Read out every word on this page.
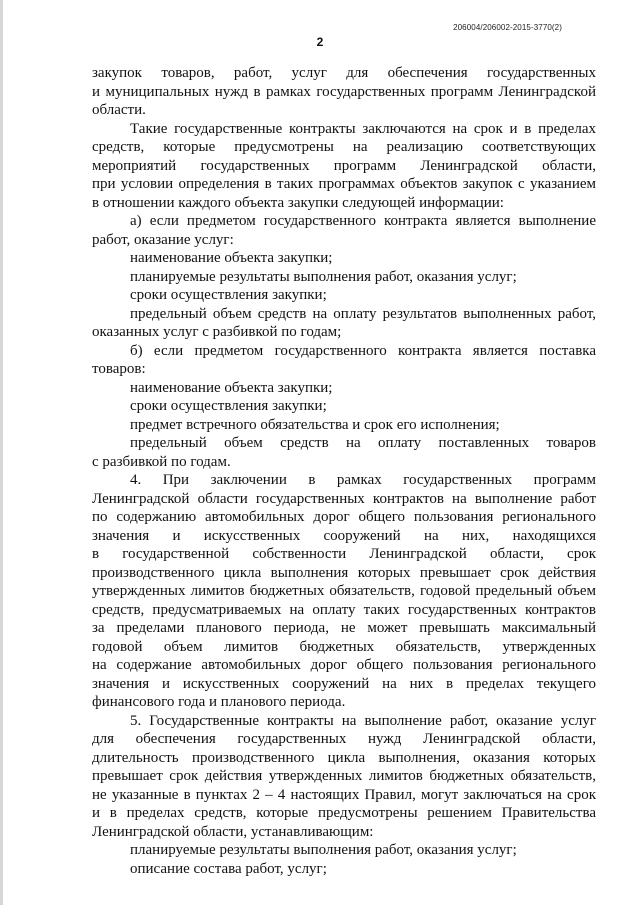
206004/206002-2015-3770(2)
2
закупок товаров, работ, услуг для обеспечения государственных
и муниципальных нужд в рамках государственных программ Ленинградской
области.
Такие государственные контракты заключаются на срок и в пределах
средств, которые предусмотрены на реализацию соответствующих
мероприятий государственных программ Ленинградской области,
при условии определения в таких программах объектов закупок с указанием
в отношении каждого объекта закупки следующей информации:
а) если предметом государственного контракта является выполнение
работ, оказание услуг:
наименование объекта закупки;
планируемые результаты выполнения работ, оказания услуг;
сроки осуществления закупки;
предельный объем средств на оплату результатов выполненных работ,
оказанных услуг с разбивкой по годам;
б) если предметом государственного контракта является поставка
товаров:
наименование объекта закупки;
сроки осуществления закупки;
предмет встречного обязательства и срок его исполнения;
предельный объем средств на оплату поставленных товаров
с разбивкой по годам.
4. При заключении в рамках государственных программ
Ленинградской области государственных контрактов на выполнение работ
по содержанию автомобильных дорог общего пользования регионального
значения и искусственных сооружений на них, находящихся
в государственной собственности Ленинградской области, срок
производственного цикла выполнения которых превышает срок действия
утвержденных лимитов бюджетных обязательств, годовой предельный объем
средств, предусматриваемых на оплату таких государственных контрактов
за пределами планового периода, не может превышать максимальный
годовой объем лимитов бюджетных обязательств, утвержденных
на содержание автомобильных дорог общего пользования регионального
значения и искусственных сооружений на них в пределах текущего
финансового года и планового периода.
5. Государственные контракты на выполнение работ, оказание услуг
для обеспечения государственных нужд Ленинградской области,
длительность производственного цикла выполнения, оказания которых
превышает срок действия утвержденных лимитов бюджетных обязательств,
не указанные в пунктах 2 – 4 настоящих Правил, могут заключаться на срок
и в пределах средств, которые предусмотрены решением Правительства
Ленинградской области, устанавливающим:
планируемые результаты выполнения работ, оказания услуг;
описание состава работ, услуг;
